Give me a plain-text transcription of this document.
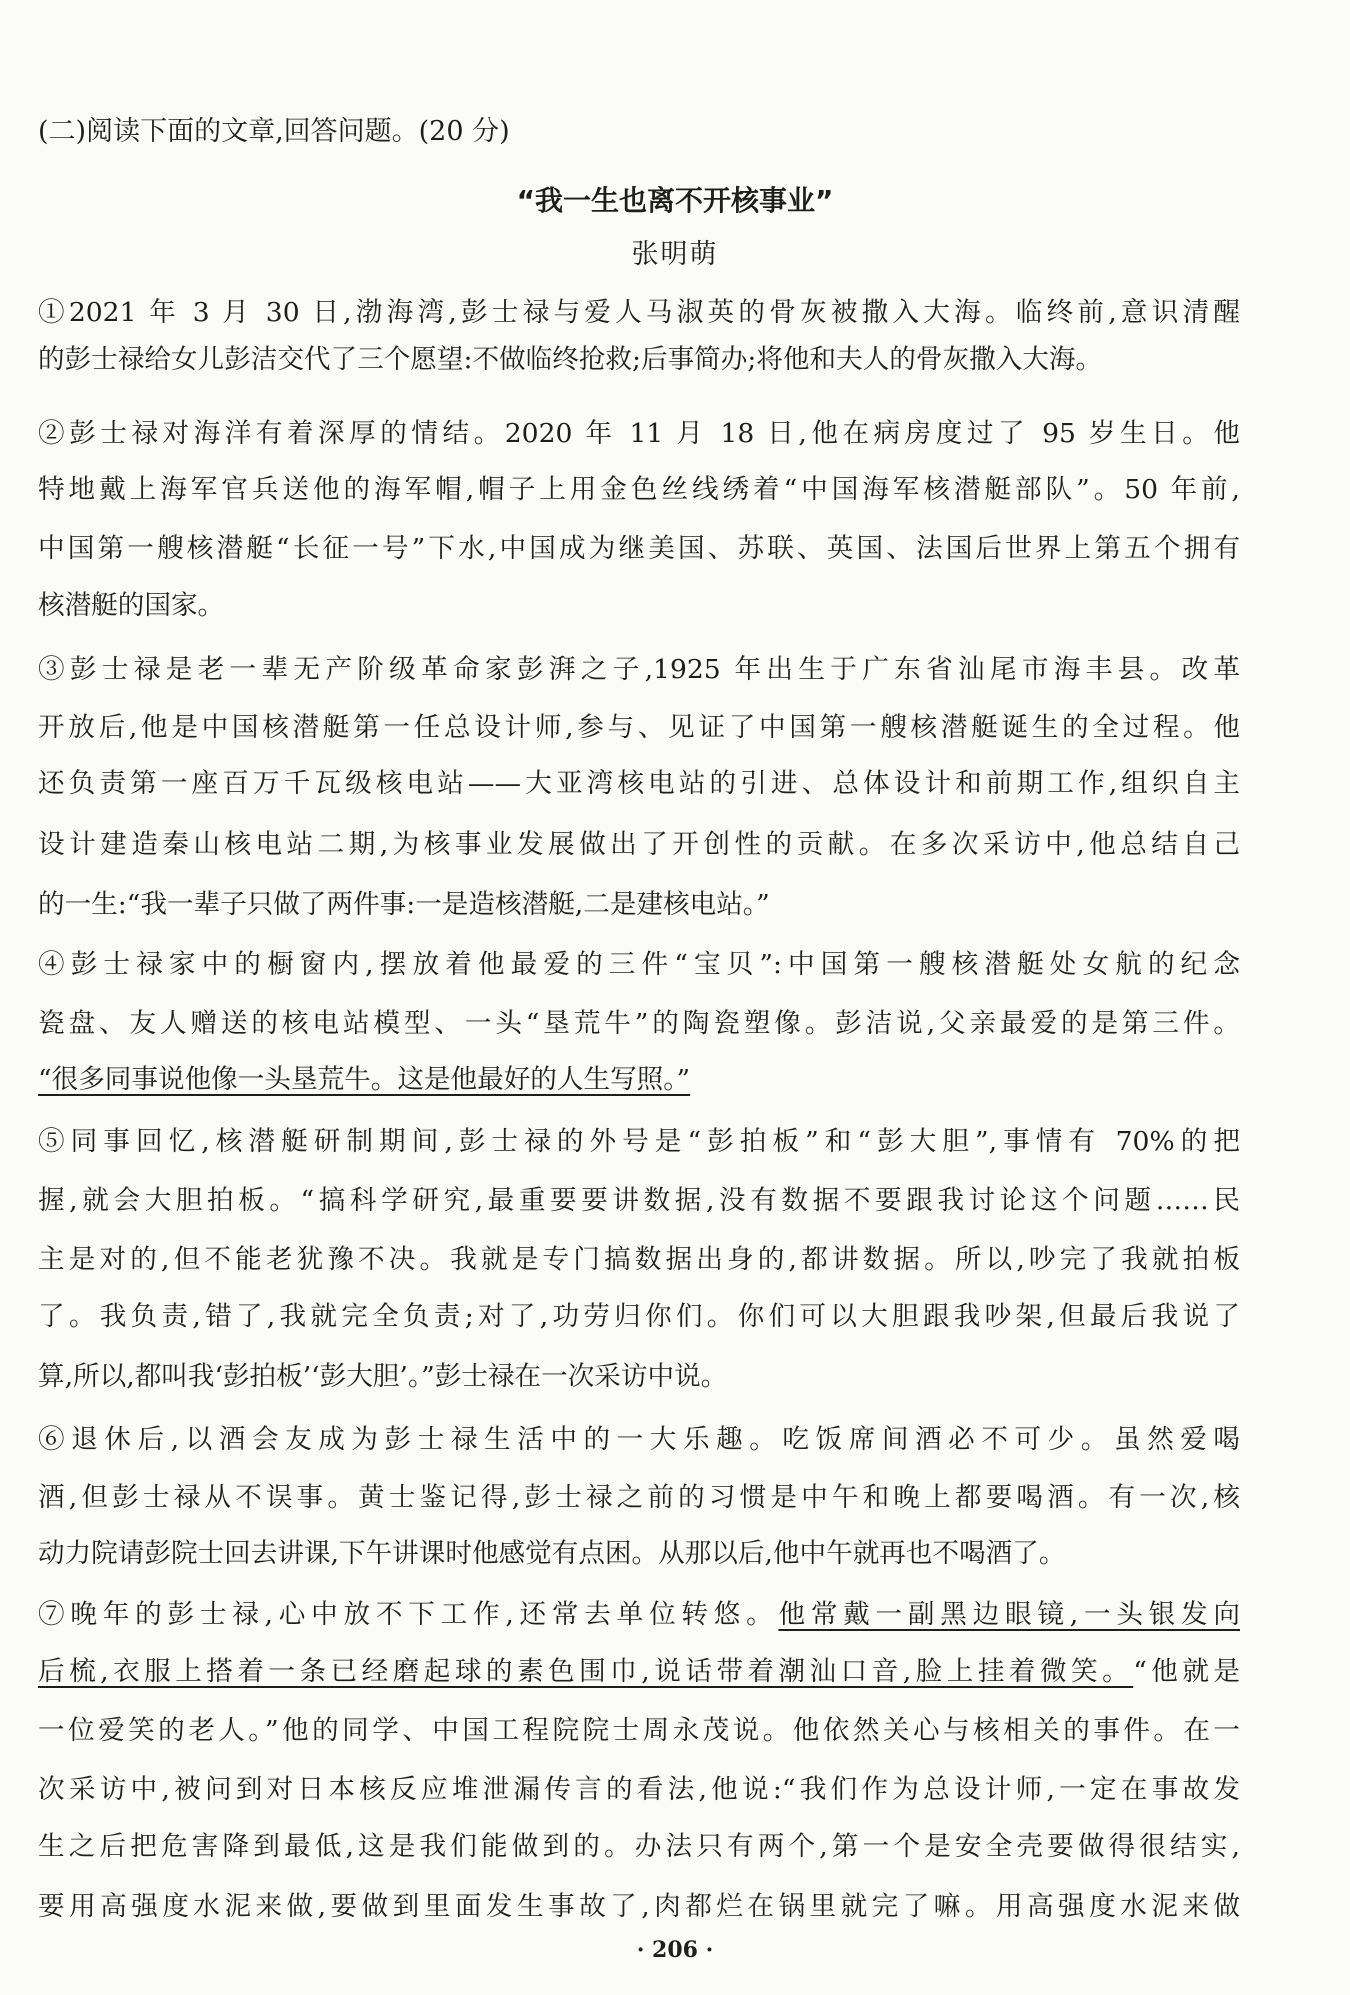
(二)阅读下面的文章,回答问题。(20 分)
“我一生也离不开核事业”
张明萌
①2021 年 3 月 30 日,渤海湾,彭士禄与爱人马淑英的骨灰被撒入大海。临终前,意识清醒
的彭士禄给女儿彭洁交代了三个愿望:不做临终抢救;后事简办;将他和夫人的骨灰撒入大海。
②彭士禄对海洋有着深厚的情结。2020 年 11 月 18 日,他在病房度过了 95 岁生日。他
特地戴上海军官兵送他的海军帽,帽子上用金色丝线绣着“中国海军核潜艇部队”。50 年前,
中国第一艘核潜艇“长征一号”下水,中国成为继美国、苏联、英国、法国后世界上第五个拥有
核潜艇的国家。
③彭士禄是老一辈无产阶级革命家彭湃之子,1925 年出生于广东省汕尾市海丰县。改革
开放后,他是中国核潜艇第一任总设计师,参与、见证了中国第一艘核潜艇诞生的全过程。他
还负责第一座百万千瓦级核电站——大亚湾核电站的引进、总体设计和前期工作,组织自主
设计建造秦山核电站二期,为核事业发展做出了开创性的贡献。在多次采访中,他总结自己
的一生:“我一辈子只做了两件事:一是造核潜艇,二是建核电站。”
④彭士禄家中的橱窗内,摆放着他最爱的三件“宝贝”:中国第一艘核潜艇处女航的纪念
瓷盘、友人赠送的核电站模型、一头“垦荒牛”的陶瓷塑像。彭洁说,父亲最爱的是第三件。
“很多同事说他像一头垦荒牛。这是他最好的人生写照。”
⑤同事回忆,核潜艇研制期间,彭士禄的外号是“彭拍板”和“彭大胆”,事情有 70%的把
握,就会大胆拍板。“搞科学研究,最重要要讲数据,没有数据不要跟我讨论这个问题……民
主是对的,但不能老犹豫不决。我就是专门搞数据出身的,都讲数据。所以,吵完了我就拍板
了。我负责,错了,我就完全负责;对了,功劳归你们。你们可以大胆跟我吵架,但最后我说了
算,所以,都叫我‘彭拍板’‘彭大胆’。”彭士禄在一次采访中说。
⑥退休后,以酒会友成为彭士禄生活中的一大乐趣。吃饭席间酒必不可少。虽然爱喝
酒,但彭士禄从不误事。黄士鉴记得,彭士禄之前的习惯是中午和晚上都要喝酒。有一次,核
动力院请彭院士回去讲课,下午讲课时他感觉有点困。从那以后,他中午就再也不喝酒了。
⑦晚年的彭士禄,心中放不下工作,还常去单位转悠。他常戴一副黑边眼镜,一头银发向
后梳,衣服上搭着一条已经磨起球的素色围巾,说话带着潮汕口音,脸上挂着微笑。“他就是
一位爱笑的老人。”他的同学、中国工程院院士周永茂说。他依然关心与核相关的事件。在一
次采访中,被问到对日本核反应堆泄漏传言的看法,他说:“我们作为总设计师,一定在事故发
生之后把危害降到最低,这是我们能做到的。办法只有两个,第一个是安全壳要做得很结实,
要用高强度水泥来做,要做到里面发生事故了,肉都烂在锅里就完了嘛。用高强度水泥来做
· 206 ·
